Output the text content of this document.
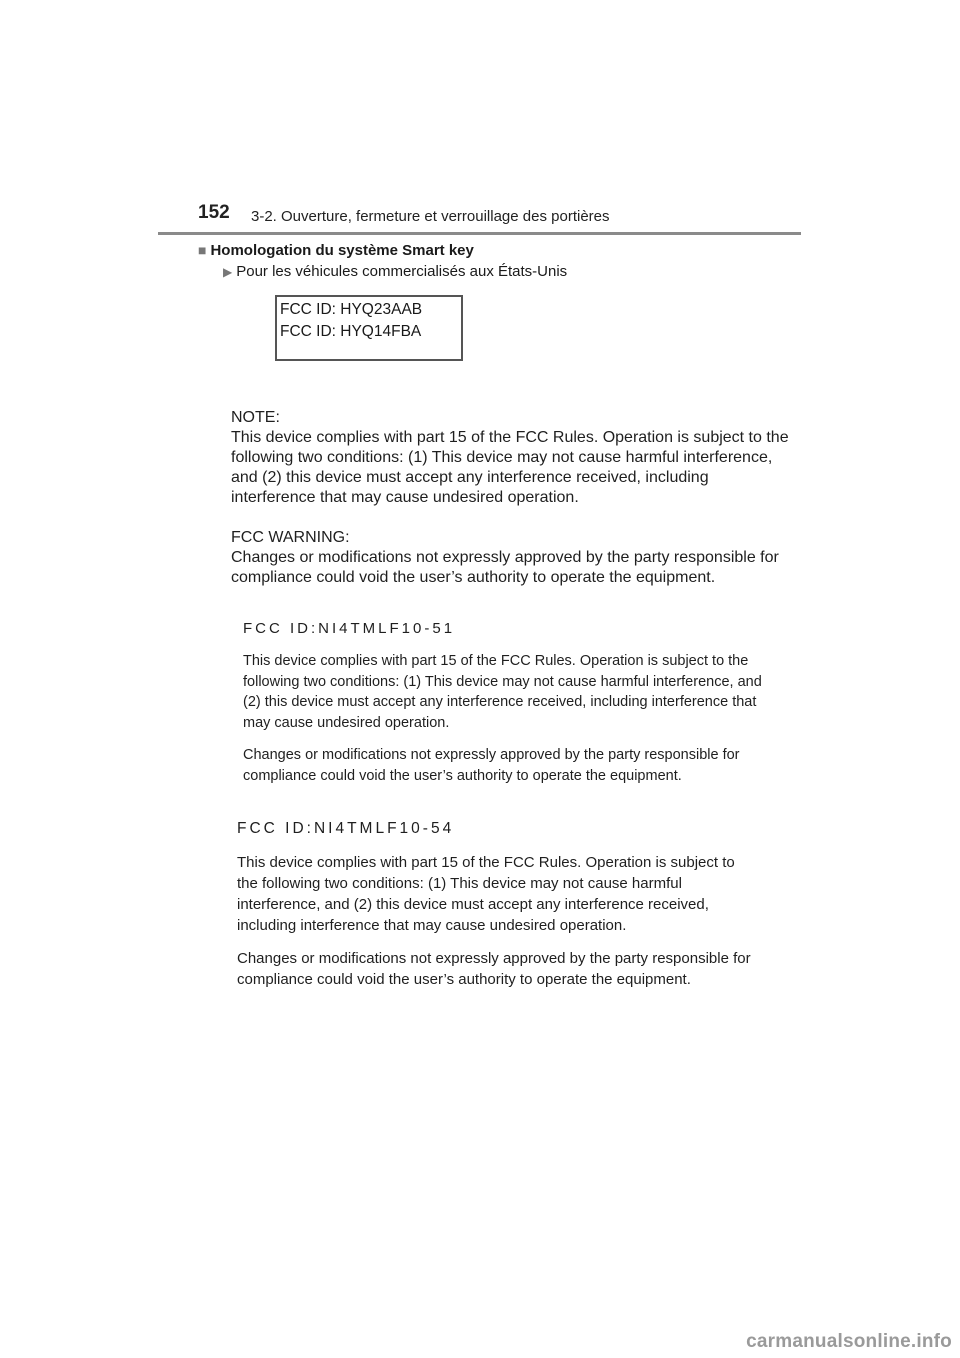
152 3-2. Ouverture, fermeture et verrouillage des portières
■ Homologation du système Smart key
▶ Pour les véhicules commercialisés aux États-Unis
FCC ID: HYQ23AAB
FCC ID: HYQ14FBA
NOTE:
This device complies with part 15 of the FCC Rules. Operation is subject to the following two conditions: (1) This device may not cause harmful interference, and (2) this device must accept any interference received, including interference that may cause undesired operation.
FCC WARNING:
Changes or modifications not expressly approved by the party responsible for compliance could void the user’s authority to operate the equipment.
FCC ID:NI4TMLF10-51

This device complies with part 15 of the FCC Rules. Operation is subject to the following two conditions: (1) This device may not cause harmful interference, and (2) this device must accept any interference received, including interference that may cause undesired operation.

Changes or modifications not expressly approved by the party responsible for compliance could void the user’s authority to operate the equipment.

FCC ID:NI4TMLF10-54

This device complies with part 15 of the FCC Rules. Operation is subject to the following two conditions: (1) This device may not cause harmful interference, and (2) this device must accept any interference received, including interference that may cause undesired operation.

Changes or modifications not expressly approved by the party responsible for compliance could void the user’s authority to operate the equipment.

carmanualsonline.info
